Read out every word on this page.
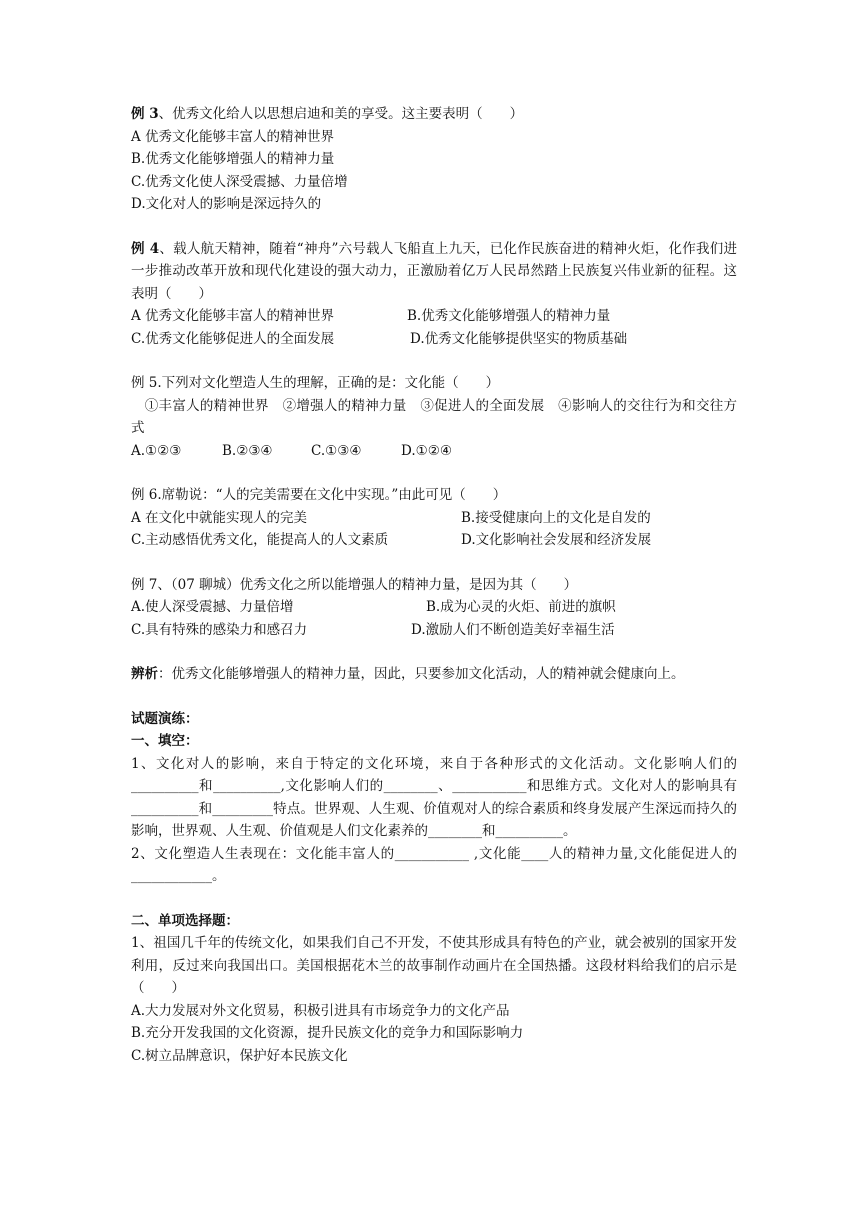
例 3、优秀文化给人以思想启迪和美的享受。这主要表明（　　）
A 优秀文化能够丰富人的精神世界
B.优秀文化能够增强人的精神力量
C.优秀文化使人深受震撼、力量倍增
D.文化对人的影响是深远持久的
例 4、载人航天精神，随着“神舟”六号载人飞船直上九天，已化作民族奋进的精神火炬，化作我们进一步推动改革开放和现代化建设的强大动力，正激励着亿万人民昂然踏上民族复兴伟业新的征程。这表明（　　）
A 优秀文化能够丰富人的精神世界	B.优秀文化能够增强人的精神力量
C.优秀文化能够促进人的全面发展	D.优秀文化能够提供坚实的物质基础
例 5.下列对文化塑造人生的理解，正确的是：文化能（　　）
　①丰富人的精神世界　②增强人的精神力量　③促进人的全面发展　④影响人的交往行为和交往方式
A.①②③	B.②③④	C.①③④	D.①②④
例 6.席勒说：“人的完美需要在文化中实现。”由此可见（　　）
A 在文化中就能实现人的完美	B.接受健康向上的文化是自发的
C.主动感悟优秀文化，能提高人的人文素质	D.文化影响社会发展和经济发展
例 7、（07 聊城）优秀文化之所以能增强人的精神力量，是因为其（　　）
A.使人深受震撼、力量倍增	B.成为心灵的火炬、前进的旗帜
C.具有特殊的感染力和感召力	D.激励人们不断创造美好幸福生活
辨析：优秀文化能够增强人的精神力量，因此，只要参加文化活动，人的精神就会健康向上。
试题演练：
一、填空：
1、文化对人的影响，来自于特定的文化环境，来自于各种形式的文化活动。文化影响人们的__________和__________,文化影响人们的________、___________和思维方式。文化对人的影响具有__________和_________特点。世界观、人生观、价值观对人的综合素质和终身发展产生深远而持久的影响，世界观、人生观、价值观是人们文化素养的________和__________。
2、文化塑造人生表现在：文化能丰富人的___________ ,文化能____人的精神力量,文化能促进人的____________。
二、单项选择题：
1、祖国几千年的传统文化，如果我们自己不开发，不使其形成具有特色的产业，就会被别的国家开发利用，反过来向我国出口。美国根据花木兰的故事制作动画片在全国热播。这段材料给我们的启示是（　　）
A.大力发展对外文化贸易，积极引进具有市场竞争力的文化产品
B.充分开发我国的文化资源，提升民族文化的竞争力和国际影响力
C.树立品牌意识，保护好本民族文化
